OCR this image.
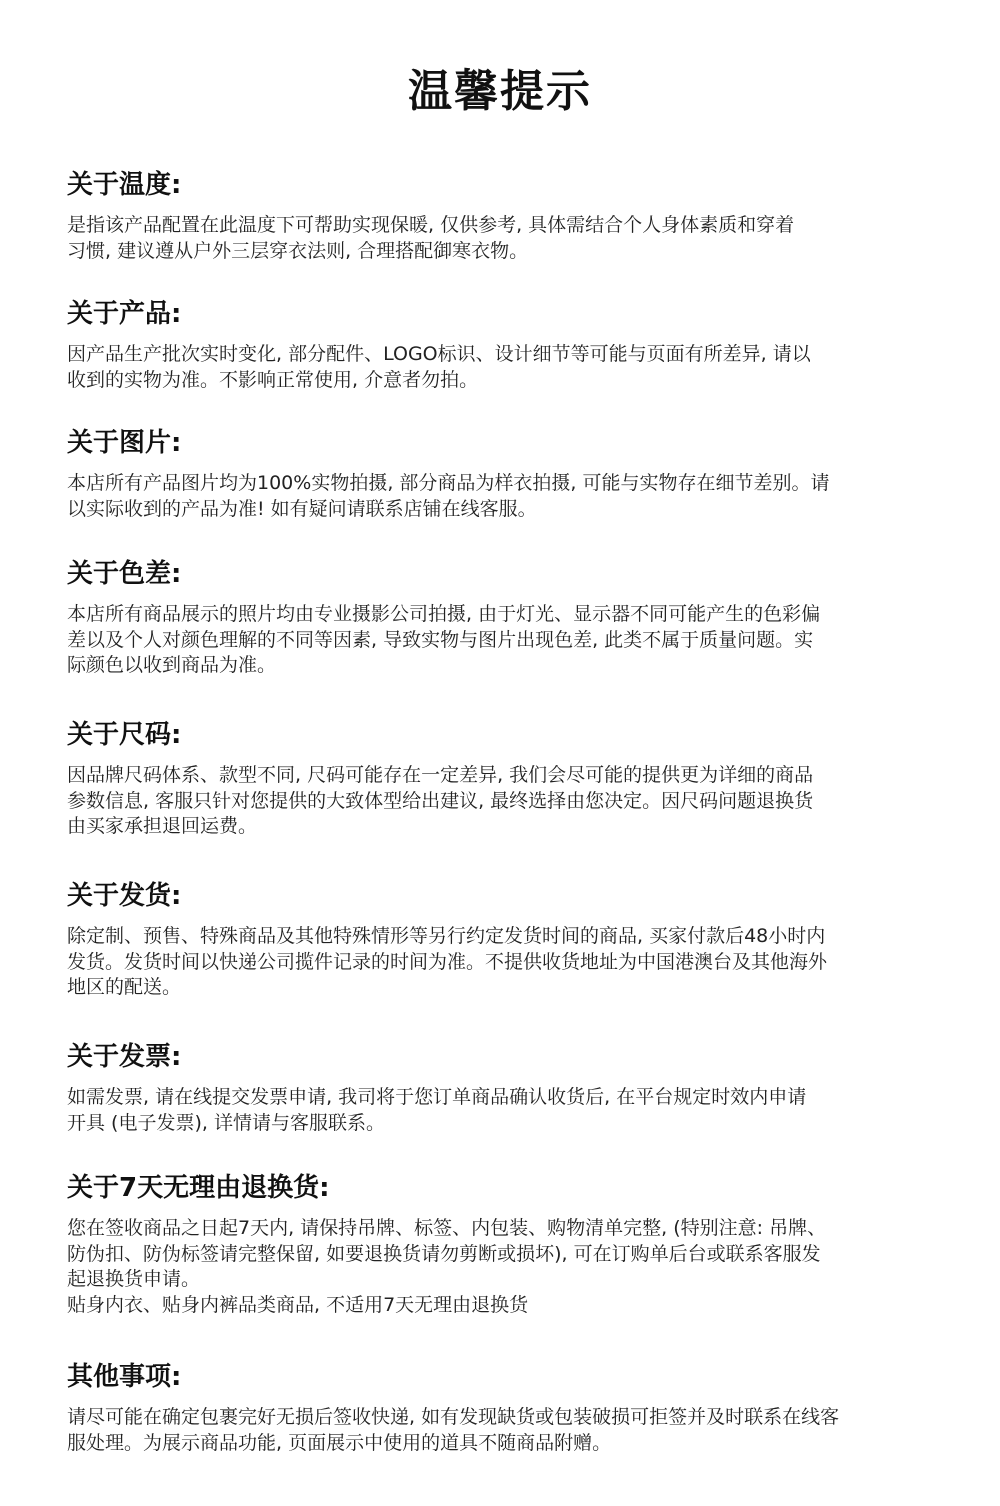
温馨提示
关于温度:

是指该产品配置在此温度下可帮助实现保暖, 仅供参考, 具体需结合个人身体素质和穿着

习惯, 建议遵从户外三层穿衣法则, 合理搭配御寒衣物。

关于产品:

因产品生产批次实时变化, 部分配件、LOGO标识、设计细节等可能与页面有所差异, 请以

收到的实物为准。不影响正常使用, 介意者勿拍。

关于图片:

本店所有产品图片均为100%实物拍摄, 部分商品为样衣拍摄, 可能与实物存在细节差别。请

以实际收到的产品为准! 如有疑问请联系店铺在线客服。

关于色差:

本店所有商品展示的照片均由专业摄影公司拍摄, 由于灯光、显示器不同可能产生的色彩偏

差以及个人对颜色理解的不同等因素, 导致实物与图片出现色差, 此类不属于质量问题。实

际颜色以收到商品为准。

关于尺码:

因品牌尺码体系、款型不同, 尺码可能存在一定差异, 我们会尽可能的提供更为详细的商品

参数信息, 客服只针对您提供的大致体型给出建议, 最终选择由您决定。因尺码问题退换货

由买家承担退回运费。

关于发货:

除定制、预售、特殊商品及其他特殊情形等另行约定发货时间的商品, 买家付款后48小时内

发货。发货时间以快递公司揽件记录的时间为准。不提供收货地址为中国港澳台及其他海外

地区的配送。

关于发票:

如需发票, 请在线提交发票申请, 我司将于您订单商品确认收货后, 在平台规定时效内申请

开具 (电子发票), 详情请与客服联系。

关于7天无理由退换货:

您在签收商品之日起7天内, 请保持吊牌、标签、内包装、购物清单完整, (特别注意: 吊牌、

防伪扣、防伪标签请完整保留, 如要退换货请勿剪断或损坏), 可在订购单后台或联系客服发

起退换货申请。

贴身内衣、贴身内裤品类商品, 不适用7天无理由退换货

其他事项:

请尽可能在确定包裹完好无损后签收快递, 如有发现缺货或包装破损可拒签并及时联系在线客

服处理。为展示商品功能, 页面展示中使用的道具不随商品附赠。
